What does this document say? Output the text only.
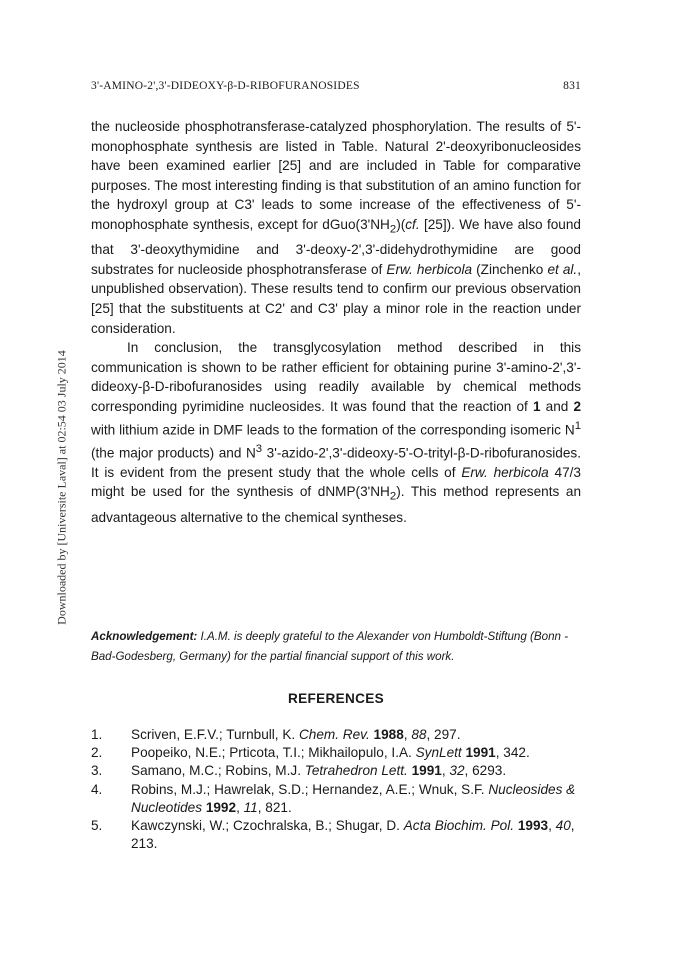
Downloaded by [Universite Laval] at 02:54 03 July 2014
3'-AMINO-2',3'-DIDEOXY-β-D-RIBOFURANOSIDES	831

the nucleoside phosphotransferase-catalyzed phosphorylation. The results of 5'-monophosphate synthesis are listed in Table. Natural 2'-deoxyribonucleosides have been examined earlier [25] and are included in Table for comparative purposes. The most interesting finding is that substitution of an amino function for the hydroxyl group at C3' leads to some increase of the effectiveness of 5'-monophosphate synthesis, except for $dGuo(3'NH_2)(cf$. [25]). We have also found that 3'-deoxythymidine and 3'-deoxy-2',3'-didehydrothymidine are good substrates for nucleoside phosphotransferase of Erw. herbicola (Zinchenko et al., unpublished observation). These results tend to confirm our previous observation [25] that the substituents at C2' and C3' play a minor role in the reaction under consideration.

In conclusion, the transglycosylation method described in this communication is shown to be rather efficient for obtaining purine 3'-amino-2',3'-dideoxy-β-D-ribofuranosides using readily available by chemical methods corresponding pyrimidine nucleosides. It was found that the reaction of 1 and 2 with lithium azide in DMF leads to the formation of the corresponding isomeric $N^1$ (the major products) and $N^3$ 3'-azido-2',3'-dideoxy-5'-O-trityl-β-D-ribofuranosides. It is evident from the present study that the whole cells of Erw. herbicola 47/3 might be used for the synthesis of $dNMP(3'NH_2)$. This method represents an advantageous alternative to the chemical syntheses.

Acknowledgement: I.A.M. is deeply grateful to the Alexander von Humboldt-Stiftung (Bonn - Bad-Godesberg, Germany) for the partial financial support of this work.
REFERENCES
1.	Scriven, E.F.V.; Turnbull, K. Chem. Rev. 1988, 88, 297.
2.	Poopeiko, N.E.; Prticota, T.I.; Mikhailopulo, I.A. SynLett 1991, 342.
3.	Samano, M.C.; Robins, M.J. Tetrahedron Lett. 1991, 32, 6293.
4.	Robins, M.J.; Hawrelak, S.D.; Hernandez, A.E.; Wnuk, S.F. Nucleosides & Nucleotides 1992, 11, 821.
5.	Kawczynski, W.; Czochralska, B.; Shugar, D. Acta Biochim. Pol. 1993, 40, 213.
